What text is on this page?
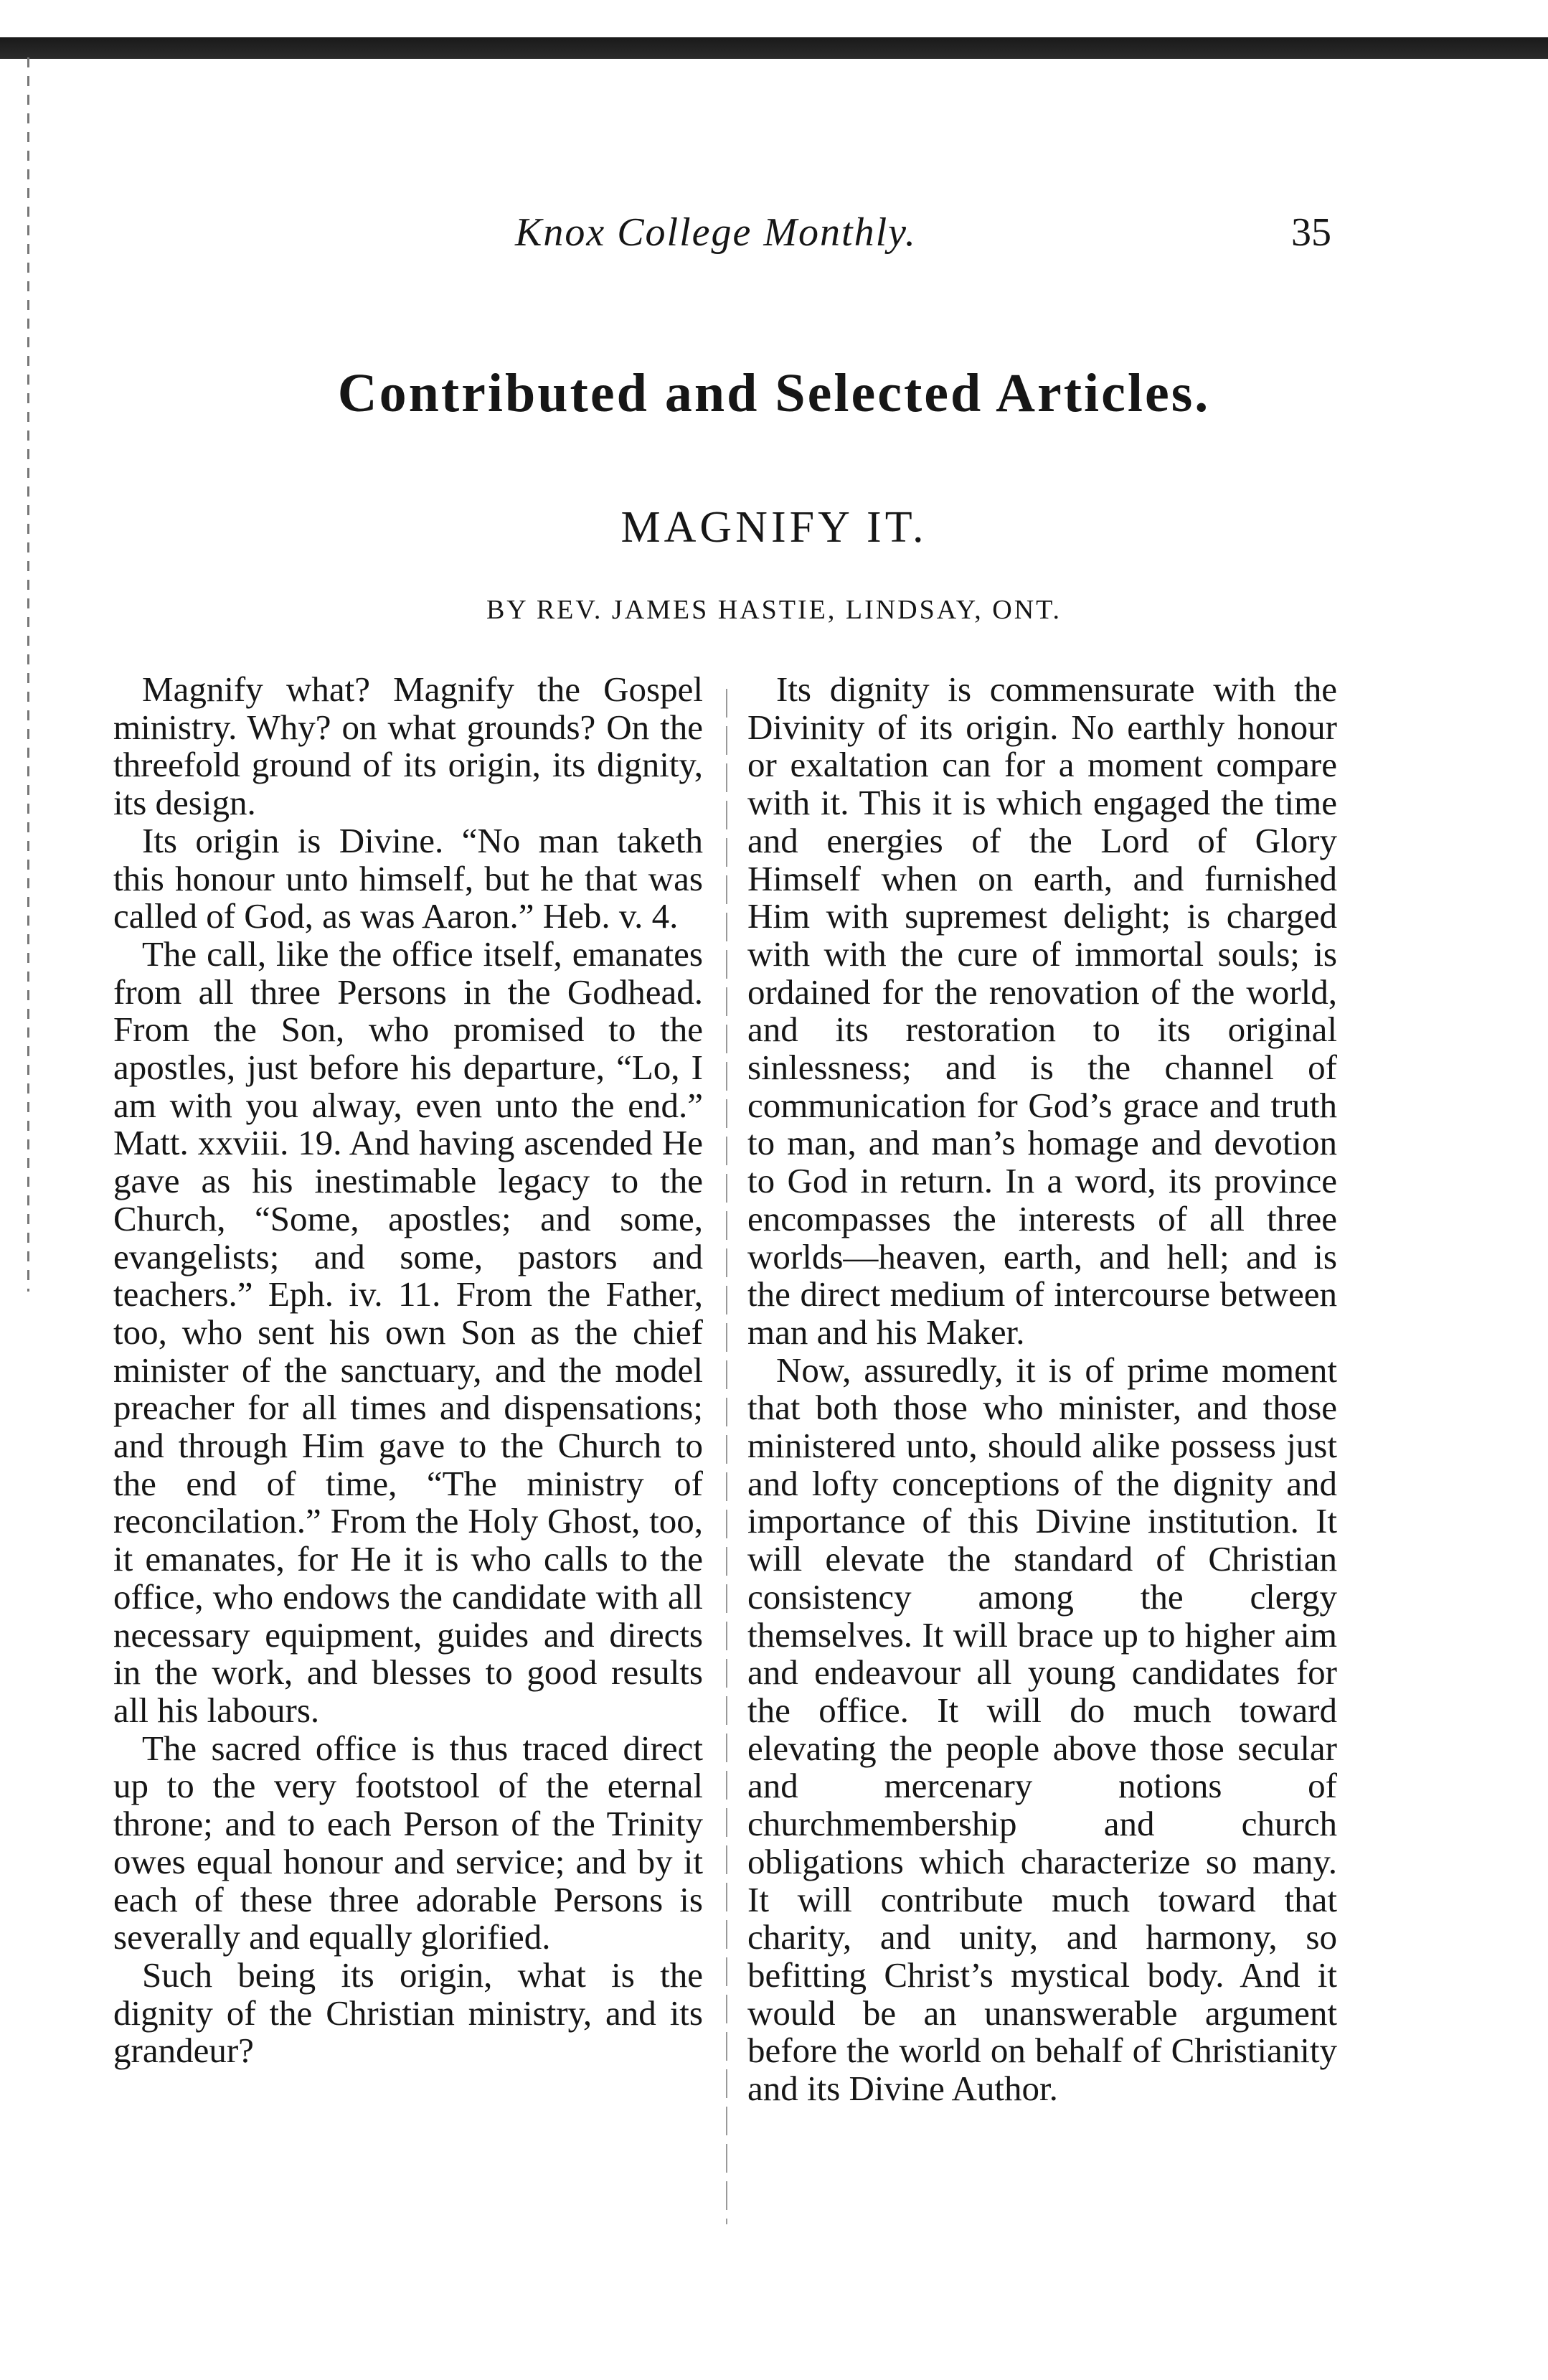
Knox College Monthly.	35
Contributed and Selected Articles.
MAGNIFY IT.
BY REV. JAMES HASTIE, LINDSAY, ONT.

Magnify what? Magnify the Gospel ministry. Why? on what grounds? On the threefold ground of its origin, its dignity, its design.

Its origin is Divine. “No man taketh this honour unto himself, but he that was called of God, as was Aaron.” Heb. v. 4.

The call, like the office itself, emanates from all three Persons in the Godhead. From the Son, who promised to the apostles, just before his departure, “Lo, I am with you alway, even unto the end.” Matt. xxviii. 19. And having ascended He gave as his inestimable legacy to the Church, “Some, apostles; and some, evangelists; and some, pastors and teachers.” Eph. iv. 11. From the Father, too, who sent his own Son as the chief minister of the sanctuary, and the model preacher for all times and dispensations; and through Him gave to the Church to the end of time, “The ministry of reconcilation.” From the Holy Ghost, too, it emanates, for He it is who calls to the office, who endows the candidate with all necessary equipment, guides and directs in the work, and blesses to good results all his labours.

The sacred office is thus traced direct up to the very footstool of the eternal throne; and to each Person of the Trinity owes equal honour and service; and by it each of these three adorable Persons is severally and equally glorified.

Such being its origin, what is the dignity of the Christian ministry, and its grandeur?

Its dignity is commensurate with the Divinity of its origin. No earthly honour or exaltation can for a moment compare with it. This it is which engaged the time and energies of the Lord of Glory Himself when on earth, and furnished Him with supremest delight; is charged with with the cure of immortal souls; is ordained for the renovation of the world, and its restoration to its original sinlessness; and is the channel of communication for God’s grace and truth to man, and man’s homage and devotion to God in return. In a word, its province encompasses the interests of all three worlds—heaven, earth, and hell; and is the direct medium of intercourse between man and his Maker.

Now, assuredly, it is of prime moment that both those who minister, and those ministered unto, should alike possess just and lofty conceptions of the dignity and importance of this Divine institution. It will elevate the standard of Christian consistency among the clergy themselves. It will brace up to higher aim and endeavour all young candidates for the office. It will do much toward elevating the people above those secular and mercenary notions of churchmembership and church obligations which characterize so many. It will contribute much toward that charity, and unity, and harmony, so befitting Christ’s mystical body. And it would be an unanswerable argument before the world on behalf of Christianity and its Divine Author.
